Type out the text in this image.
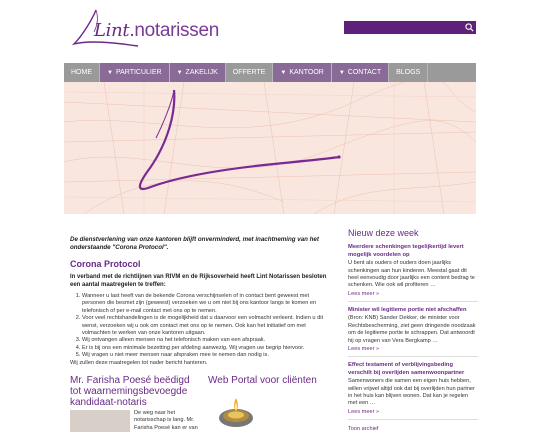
Lint.notarissen
HOME	▼ PARTICULIER	▼ ZAKELIJK OFFERTE	▼ KANTOOR	▼ CONTACT BLOGS

De dienstverlening van onze kantoren blijft onverminderd, met inachtneming van het onderstaande "Corona Protocol".

Corona Protocol

In verband met de richtlijnen van RIVM en de Rijksoverheid heeft Lint Notarissen besloten een aantal maatregelen te treffen:

1. Wanneer u last heeft van de bekende Corona verschijnselen of in contact bent geweest met personen die besmet zijn (geweest) verzoeken we u om niet bij ons kantoor langs te komen en telefonisch of per e-mail contact met ons op te nemen.
2. Voor veel rechtshandelingen is de mogelijkheid dat u daarvoor een volmacht verleent. Indien u dit wenst, verzoeken wij u ook om contact met ons op te nemen. Ook kan het initiatief om met volmachten te werken van onze kantoren uitgaan.
3. Wij ontvangen alleen mensen na het telefonisch maken van een afspraak.
4. Er is bij ons een minimale bezetting per afdeling aanwezig. Wij vragen uw begrip hiervoor.
5. Wij vragen u niet meer mensen naar afspraken mee te nemen dan nodig is.

Wij zullen deze maatregelen tot nader bericht hanteren.

Mr. Farisha Poesé beëdigd tot waarnemingsbevoegde kandidaat-notaris
De weg naar het notarisschap is lang. Mr. Farisha Poesé kan er van
Web Portal voor cliënten
Nieuw deze week
Meerdere schenkingen tegelijkertijd levert mogelijk voordelen op
U bent als ouders of ouders doen jaarlijks schenkingen aan hun kinderen. Meestal gaat dit heel eenvoudig door jaarlijks een content bedrag te schenken. Wie ook wil profiteren …
Lees meer »
Minister wil legitieme portie niet afschaffen
(Bron: KNB) Sander Dekker, de minister voor Rechtsbescherming, ziet geen dringende noodzaak om de legitieme portie te schrappen. Dat antwoordt hij op vragen van Vera Bergkamp …
Lees meer »
Effect testament of verblijvingsbeding verschilt bij overlijden samenwoonpartner
Samenwoners die samen een eigen huis hebben, willen vrijwel altijd ook dat bij overlijden hun partner in het huis kan blijven wonen. Dat kan je regelen met een …
Lees meer »
Toon archief
